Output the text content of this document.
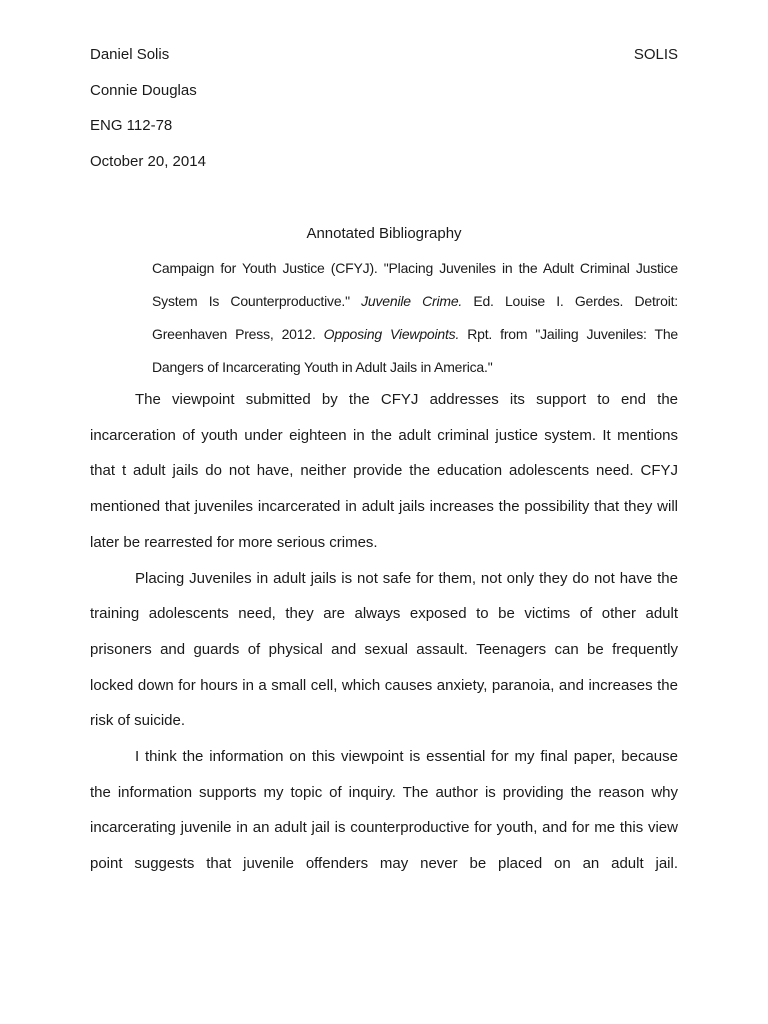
Daniel Solis	SOLIS
Connie Douglas
ENG 112-78
October 20, 2014
Annotated Bibliography
Campaign for Youth Justice (CFYJ). "Placing Juveniles in the Adult Criminal Justice System Is Counterproductive." Juvenile Crime. Ed. Louise I. Gerdes. Detroit: Greenhaven Press, 2012. Opposing Viewpoints. Rpt. from "Jailing Juveniles: The Dangers of Incarcerating Youth in Adult Jails in America."

The viewpoint submitted by the CFYJ addresses its support to end the incarceration of youth under eighteen in the adult criminal justice system. It mentions that t adult jails do not have, neither provide the education adolescents need. CFYJ mentioned that juveniles incarcerated in adult jails increases the possibility that they will later be rearrested for more serious crimes.

Placing Juveniles in adult jails is not safe for them, not only they do not have the training adolescents need, they are always exposed to be victims of other adult prisoners and guards of physical and sexual assault. Teenagers can be frequently locked down for hours in a small cell, which causes anxiety, paranoia, and increases the risk of suicide.

I think the information on this viewpoint is essential for my final paper, because the information supports my topic of inquiry. The author is providing the reason why incarcerating juvenile in an adult jail is counterproductive for youth, and for me this view point suggests that juvenile offenders may never be placed on an adult jail.
